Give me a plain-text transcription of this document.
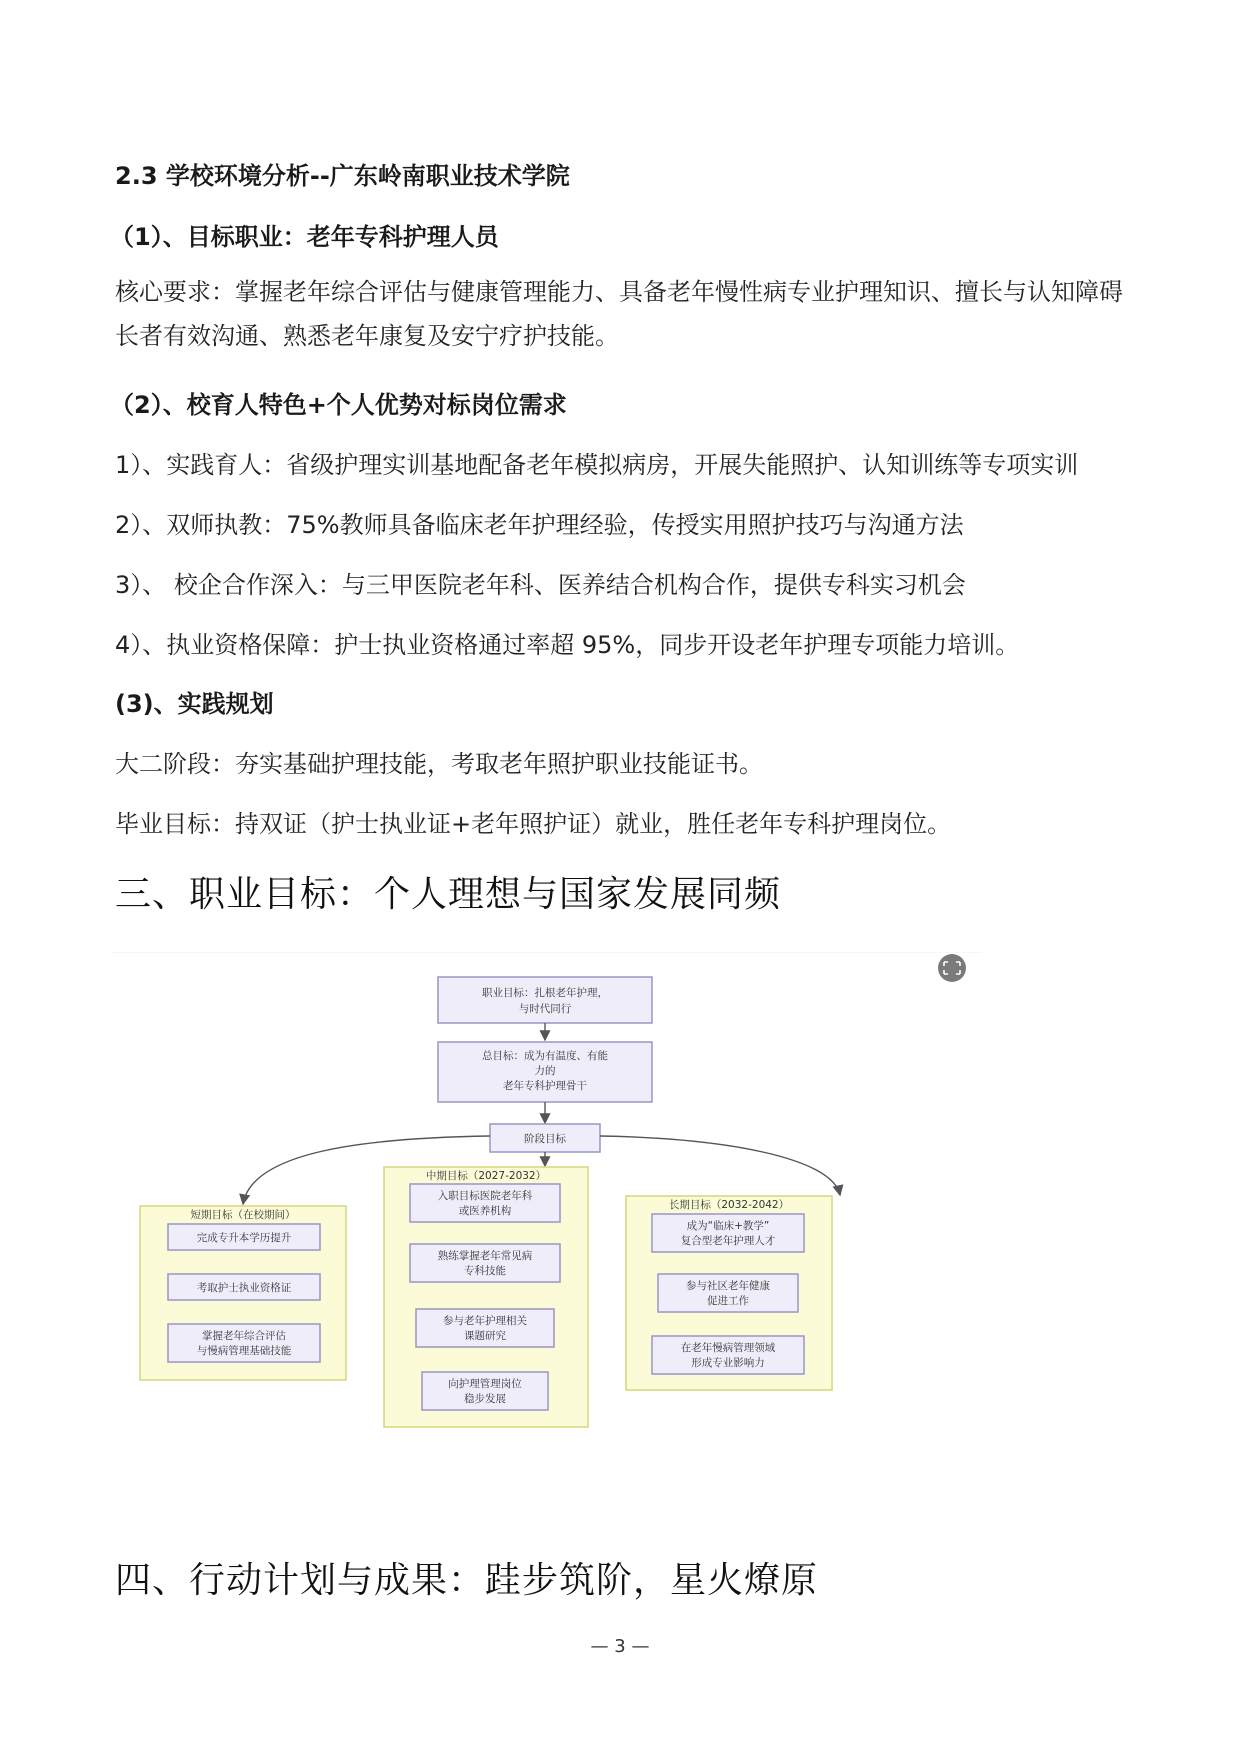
2.3 学校环境分析--广东岭南职业技术学院
（1）、目标职业：老年专科护理人员
核心要求：掌握老年综合评估与健康管理能力、具备老年慢性病专业护理知识、擅长与认知障碍长者有效沟通、熟悉老年康复及安宁疗护技能。
（2）、校育人特色+个人优势对标岗位需求
1）、实践育人：省级护理实训基地配备老年模拟病房，开展失能照护、认知训练等专项实训
2）、双师执教：75%教师具备临床老年护理经验，传授实用照护技巧与沟通方法
3）、 校企合作深入：与三甲医院老年科、医养结合机构合作，提供专科实习机会
4）、执业资格保障：护士执业资格通过率超 95%，同步开设老年护理专项能力培训。
(3)、实践规划
大二阶段：夯实基础护理技能，考取老年照护职业技能证书。
毕业目标：持双证（护士执业证+老年照护证）就业，胜任老年专科护理岗位。
三、职业目标：个人理想与国家发展同频
职业目标：扎根老年护理，
与时代同行
总目标：成为有温度、有能
力的
老年专科护理骨干
阶段目标
短期目标（在校期间）
完成专升本学历提升
考取护士执业资格证
掌握老年综合评估
与慢病管理基础技能
中期目标（2027-2032）
入职目标医院老年科
或医养机构
熟练掌握老年常见病
专科技能
参与老年护理相关
课题研究
向护理管理岗位
稳步发展
长期目标（2032-2042）
成为“临床+教学”
复合型老年护理人才
参与社区老年健康
促进工作
在老年慢病管理领域
形成专业影响力
四、行动计划与成果：跬步筑阶，星火燎原
— 3 —
